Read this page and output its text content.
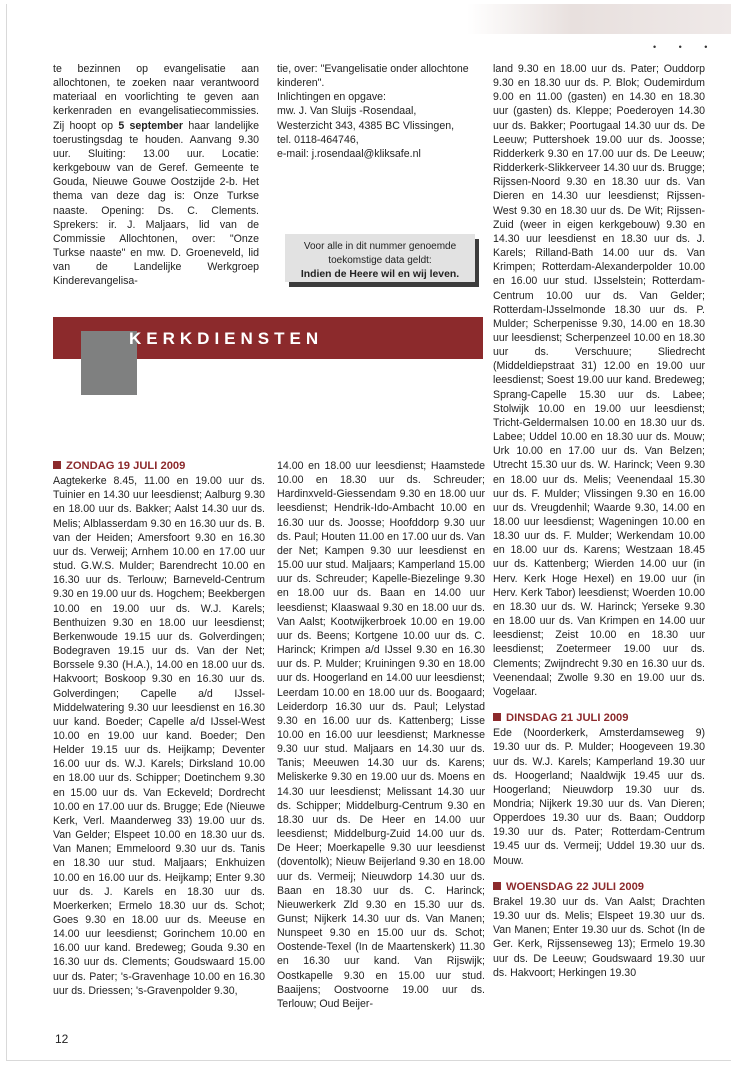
• • •

te bezinnen op evangelisatie aan allochtonen, te zoeken naar verantwoord materiaal en voorlichting te geven aan kerkenraden en evangelisatiecommissies. Zij hoopt op 5 september haar landelijke toerustingsdag te houden. Aanvang 9.30 uur. Sluiting: 13.00 uur. Locatie: kerkgebouw van de Geref. Gemeente te Gouda, Nieuwe Gouwe Oostzijde 2-b. Het thema van deze dag is: Onze Turkse naaste. Opening: Ds. C. Clements. Sprekers: ir. J. Maljaars, lid van de Commissie Allochtonen, over: "Onze Turkse naaste" en mw. D. Groeneveld, lid van de Landelijke Werkgroep Kinderevangelisa-

tie, over: "Evangelisatie onder allochtone kinderen".

Inlichtingen en opgave:

mw. J. Van Sluijs -Rosendaal,

Westerzicht 343, 4385 BC Vlissingen,

tel. 0118-464746,

e-mail: j.rosendaal@kliksafe.nl

Voor alle in dit nummer genoemde toekomstige data geldt:
Indien de Heere wil en wij leven.
KERKDIENSTEN
ZONDAG 19 JULI 2009

Aagtekerke 8.45, 11.00 en 19.00 uur ds. Tuinier en 14.30 uur leesdienst; Aalburg 9.30 en 18.00 uur ds. Bakker; Aalst 14.30 uur ds. Melis; Alblasserdam 9.30 en 16.30 uur ds. B. van der Heiden; Amersfoort 9.30 en 16.30 uur ds. Verweij; Arnhem 10.00 en 17.00 uur stud. G.W.S. Mulder; Barendrecht 10.00 en 16.30 uur ds. Terlouw; Barneveld-Centrum 9.30 en 19.00 uur ds. Hogchem; Beekbergen 10.00 en 19.00 uur ds. W.J. Karels; Benthuizen 9.30 en 18.00 uur leesdienst; Berkenwoude 19.15 uur ds. Golverdingen; Bodegraven 19.15 uur ds. Van der Net; Borssele 9.30 (H.A.), 14.00 en 18.00 uur ds. Hakvoort; Boskoop 9.30 en 16.30 uur ds. Golverdingen; Capelle a/d IJssel-Middelwatering 9.30 uur leesdienst en 16.30 uur kand. Boeder; Capelle a/d IJssel-West 10.00 en 19.00 uur kand. Boeder; Den Helder 19.15 uur ds. Heijkamp; Deventer 16.00 uur ds. W.J. Karels; Dirksland 10.00 en 18.00 uur ds. Schipper; Doetinchem 9.30 en 15.00 uur ds. Van Eckeveld; Dordrecht 10.00 en 17.00 uur ds. Brugge; Ede (Nieuwe Kerk, Verl. Maanderweg 33) 19.00 uur ds. Van Gelder; Elspeet 10.00 en 18.30 uur ds. Van Manen; Emmeloord 9.30 uur ds. Tanis en 18.30 uur stud. Maljaars; Enkhuizen 10.00 en 16.00 uur ds. Heijkamp; Enter 9.30 uur ds. J. Karels en 18.30 uur ds. Moerkerken; Ermelo 18.30 uur ds. Schot; Goes 9.30 en 18.00 uur ds. Meeuse en 14.00 uur leesdienst; Gorinchem 10.00 en 16.00 uur kand. Bredeweg; Gouda 9.30 en 16.30 uur ds. Clements; Goudswaard 15.00 uur ds. Pater; 's-Gravenhage 10.00 en 16.30 uur ds. Driessen; 's-Gravenpolder 9.30,

14.00 en 18.00 uur leesdienst; Haamstede 10.00 en 18.30 uur ds. Schreuder; Hardinxveld-Giessendam 9.30 en 18.00 uur leesdienst; Hendrik-Ido-Ambacht 10.00 en 16.30 uur ds. Joosse; Hoofddorp 9.30 uur ds. Paul; Houten 11.00 en 17.00 uur ds. Van der Net; Kampen 9.30 uur leesdienst en 15.00 uur stud. Maljaars; Kamperland 15.00 uur ds. Schreuder; Kapelle-Biezelinge 9.30 en 18.00 uur ds. Baan en 14.00 uur leesdienst; Klaaswaal 9.30 en 18.00 uur ds. Van Aalst; Kootwijkerbroek 10.00 en 19.00 uur ds. Beens; Kortgene 10.00 uur ds. C. Harinck; Krimpen a/d IJssel 9.30 en 16.30 uur ds. P. Mulder; Kruiningen 9.30 en 18.00 uur ds. Hoogerland en 14.00 uur leesdienst; Leerdam 10.00 en 18.00 uur ds. Boogaard; Leiderdorp 16.30 uur ds. Paul; Lelystad 9.30 en 16.00 uur ds. Kattenberg; Lisse 10.00 en 16.00 uur leesdienst; Marknesse 9.30 uur stud. Maljaars en 14.30 uur ds. Tanis; Meeuwen 14.30 uur ds. Karens; Meliskerke 9.30 en 19.00 uur ds. Moens en 14.30 uur leesdienst; Melissant 14.30 uur ds. Schipper; Middelburg-Centrum 9.30 en 18.30 uur ds. De Heer en 14.00 uur leesdienst; Middelburg-Zuid 14.00 uur ds. De Heer; Moerkapelle 9.30 uur leesdienst (doventolk); Nieuw Beijerland 9.30 en 18.00 uur ds. Vermeij; Nieuwdorp 14.30 uur ds. Baan en 18.30 uur ds. C. Harinck; Nieuwerkerk Zld 9.30 en 15.30 uur ds. Gunst; Nijkerk 14.30 uur ds. Van Manen; Nunspeet 9.30 en 15.00 uur ds. Schot; Oostende-Texel (In de Maartenskerk) 11.30 en 16.30 uur kand. Van Rijswijk; Oostkapelle 9.30 en 15.00 uur stud. Baaijens; Oostvoorne 19.00 uur ds. Terlouw; Oud Beijer-

land 9.30 en 18.00 uur ds. Pater; Ouddorp 9.30 en 18.30 uur ds. P. Blok; Oudemirdum 9.00 en 11.00 (gasten) en 14.30 en 18.30 uur (gasten) ds. Kleppe; Poederoyen 14.30 uur ds. Bakker; Poortugaal 14.30 uur ds. De Leeuw; Puttershoek 19.00 uur ds. Joosse; Ridderkerk 9.30 en 17.00 uur ds. De Leeuw; Ridderkerk-Slikkerveer 14.30 uur ds. Brugge; Rijssen-Noord 9.30 en 18.30 uur ds. Van Dieren en 14.30 uur leesdienst; Rijssen-West 9.30 en 18.30 uur ds. De Wit; Rijssen-Zuid (weer in eigen kerkgebouw) 9.30 en 14.30 uur leesdienst en 18.30 uur ds. J. Karels; Rilland-Bath 14.00 uur ds. Van Krimpen; Rotterdam-Alexanderpolder 10.00 en 16.00 uur stud. IJsselstein; Rotterdam-Centrum 10.00 uur ds. Van Gelder; Rotterdam-IJsselmonde 18.30 uur ds. P. Mulder; Scherpenisse 9.30, 14.00 en 18.30 uur leesdienst; Scherpenzeel 10.00 en 18.30 uur ds. Verschuure; Sliedrecht (Middeldiepstraat 31) 12.00 en 19.00 uur leesdienst; Soest 19.00 uur kand. Bredeweg; Sprang-Capelle 15.30 uur ds. Labee; Stolwijk 10.00 en 19.00 uur leesdienst; Tricht-Geldermalsen 10.00 en 18.30 uur ds. Labee; Uddel 10.00 en 18.30 uur ds. Mouw; Urk 10.00 en 17.00 uur ds. Van Belzen; Utrecht 15.30 uur ds. W. Harinck; Veen 9.30 en 18.00 uur ds. Melis; Veenendaal 15.30 uur ds. F. Mulder; Vlissingen 9.30 en 16.00 uur ds. Vreugdenhil; Waarde 9.30, 14.00 en 18.00 uur leesdienst; Wageningen 10.00 en 18.30 uur ds. F. Mulder; Werkendam 10.00 en 18.00 uur ds. Karens; Westzaan 18.45 uur ds. Kattenberg; Wierden 14.00 uur (in Herv. Kerk Hoge Hexel) en 19.00 uur (in Herv. Kerk Tabor) leesdienst; Woerden 10.00 en 18.30 uur ds. W. Harinck; Yerseke 9.30 en 18.00 uur ds. Van Krimpen en 14.00 uur leesdienst; Zeist 10.00 en 18.30 uur leesdienst; Zoetermeer 19.00 uur ds. Clements; Zwijndrecht 9.30 en 16.30 uur ds. Veenendaal; Zwolle 9.30 en 19.00 uur ds. Vogelaar.

DINSDAG 21 JULI 2009

Ede (Noorderkerk, Amsterdamseweg 9) 19.30 uur ds. P. Mulder; Hoogeveen 19.30 uur ds. W.J. Karels; Kamperland 19.30 uur ds. Hoogerland; Naaldwijk 19.45 uur ds. Hoogerland; Nieuwdorp 19.30 uur ds. Mondria; Nijkerk 19.30 uur ds. Van Dieren; Opperdoes 19.30 uur ds. Baan; Ouddorp 19.30 uur ds. Pater; Rotterdam-Centrum 19.45 uur ds. Vermeij; Uddel 19.30 uur ds. Mouw.

WOENSDAG 22 JULI 2009

Brakel 19.30 uur ds. Van Aalst; Drachten 19.30 uur ds. Melis; Elspeet 19.30 uur ds. Van Manen; Enter 19.30 uur ds. Schot (In de Ger. Kerk, Rijssenseweg 13); Ermelo 19.30 uur ds. De Leeuw; Goudswaard 19.30 uur ds. Hakvoort; Herkingen 19.30

12
